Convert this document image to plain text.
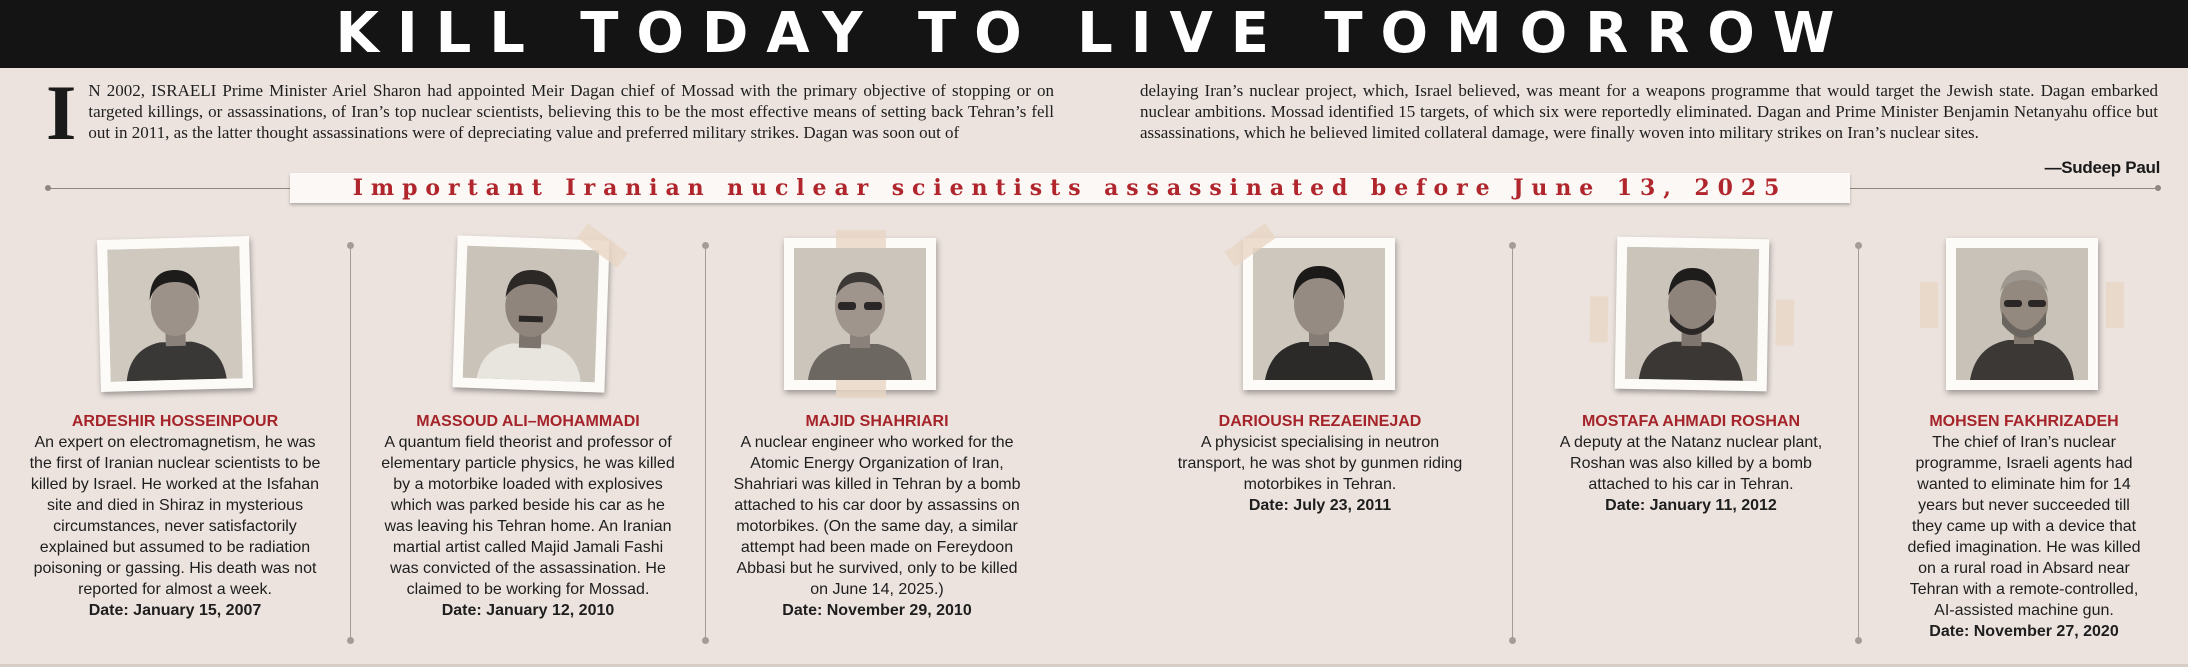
KILL TODAY TO LIVE TOMORROW
I N 2002, ISRAELI Prime Minister Ariel Sharon had appointed Meir Dagan chief of Mossad with the primary objective of stopping or on targeted killings, or assassinations, of Iran’s top nuclear scientists, believing this to be the most effective means of setting back Tehran’s fell out in 2011, as the latter thought assassinations were of depreciating value and preferred military strikes. Dagan was soon out of
delaying Iran’s nuclear project, which, Israel believed, was meant for a weapons programme that would target the Jewish state. Dagan embarked nuclear ambitions. Mossad identified 15 targets, of which six were reportedly eliminated. Dagan and Prime Minister Benjamin Netanyahu office but assassinations, which he believed limited collateral damage, were finally woven into military strikes on Iran’s nuclear sites.
—Sudeep Paul
Important Iranian nuclear scientists assassinated before June 13, 2025
ARDESHIR HOSSEINPOUR
An expert on electromagnetism, he was the first of Iranian nuclear scientists to be killed by Israel. He worked at the Isfahan site and died in Shiraz in mysterious circumstances, never satisfactorily explained but assumed to be radiation poisoning or gassing. His death was not reported for almost a week.
Date: January 15, 2007
MASSOUD ALI–MOHAMMADI
A quantum field theorist and professor of elementary particle physics, he was killed by a motorbike loaded with explosives which was parked beside his car as he was leaving his Tehran home. An Iranian martial artist called Majid Jamali Fashi was convicted of the assassination. He claimed to be working for Mossad.
Date: January 12, 2010
MAJID SHAHRIARI
A nuclear engineer who worked for the Atomic Energy Organization of Iran, Shahriari was killed in Tehran by a bomb attached to his car door by assassins on motorbikes. (On the same day, a similar attempt had been made on Fereydoon Abbasi but he survived, only to be killed on June 14, 2025.)
Date: November 29, 2010
DARIOUSH REZAEINEJAD
A physicist specialising in neutron transport, he was shot by gunmen riding motorbikes in Tehran.
Date: July 23, 2011
MOSTAFA AHMADI ROSHAN
A deputy at the Natanz nuclear plant, Roshan was also killed by a bomb attached to his car in Tehran.
Date: January 11, 2012
MOHSEN FAKHRIZADEH
The chief of Iran’s nuclear programme, Israeli agents had wanted to eliminate him for 14 years but never succeeded till they came up with a device that defied imagination. He was killed on a rural road in Absard near Tehran with a remote-controlled, AI-assisted machine gun.
Date: November 27, 2020
